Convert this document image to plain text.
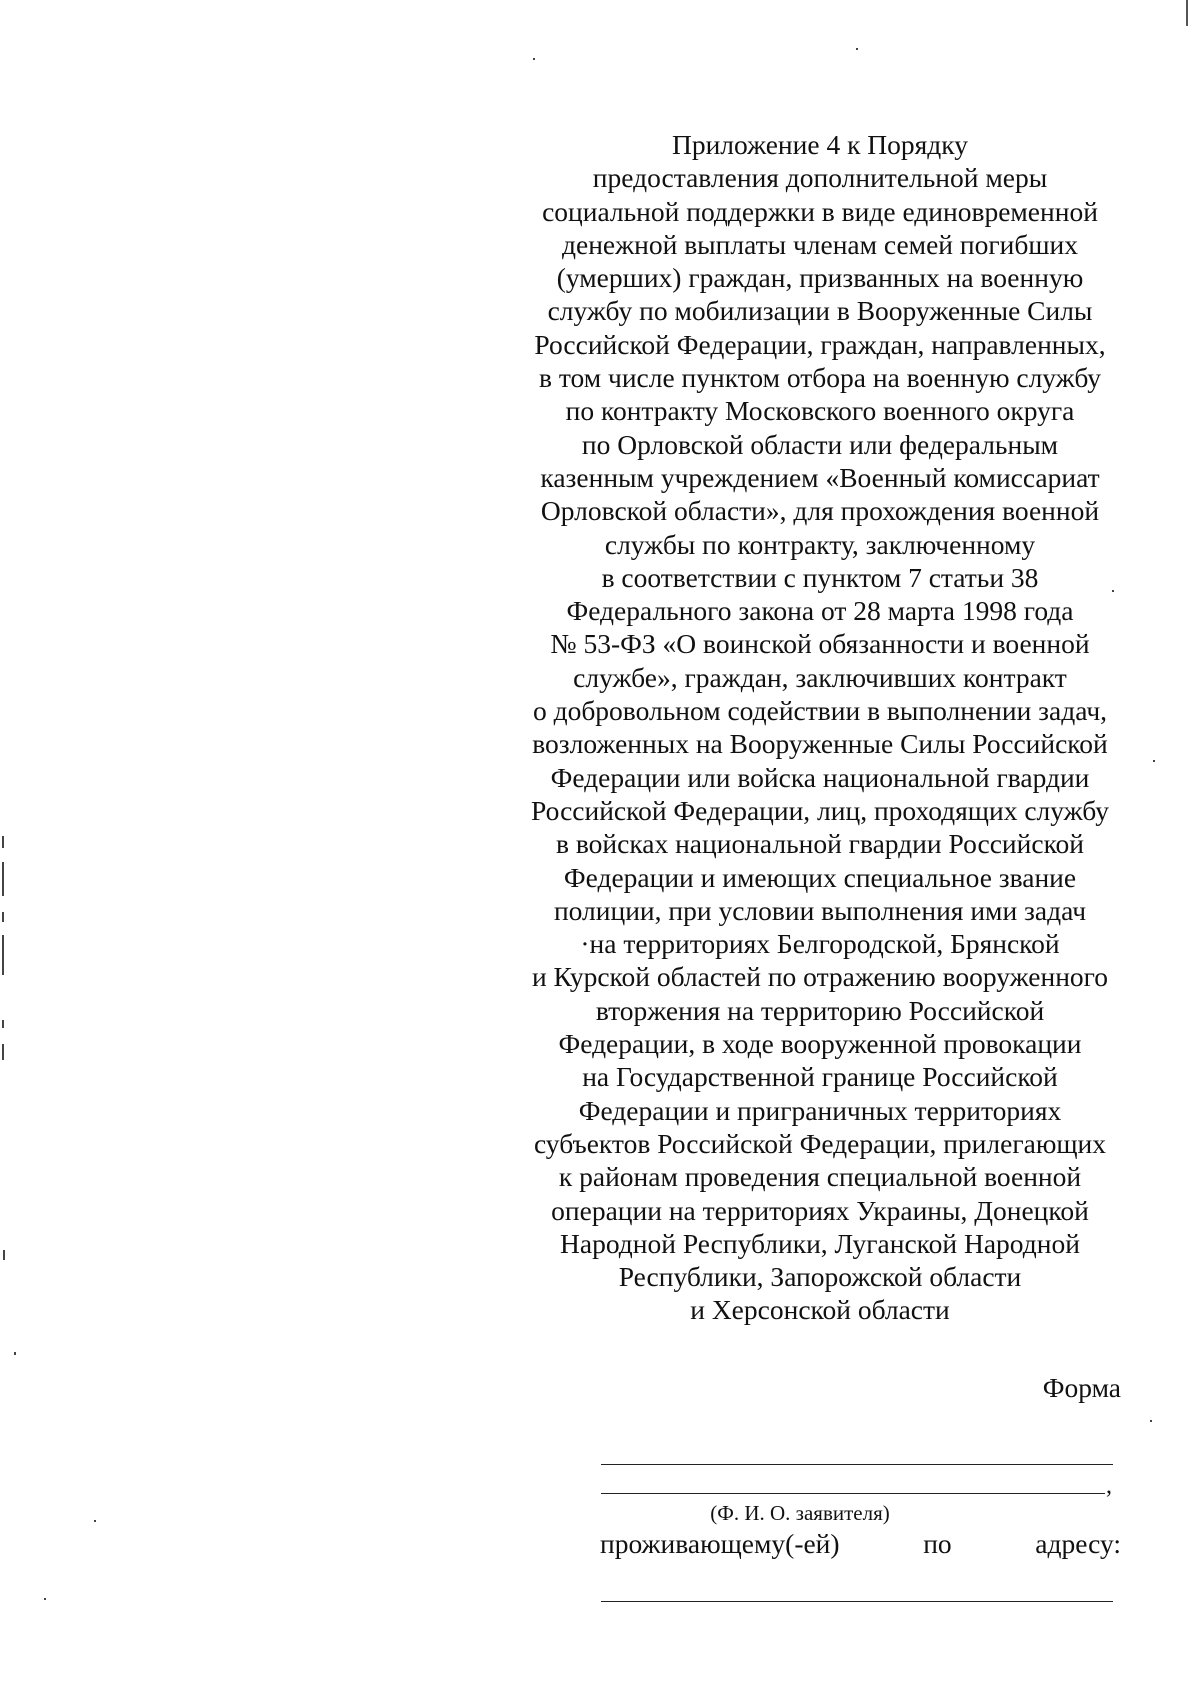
Приложение 4 к Порядку
предоставления дополнительной меры
социальной поддержки в виде единовременной
денежной выплаты членам семей погибших
(умерших) граждан, призванных на военную
службу по мобилизации в Вооруженные Силы
Российской Федерации, граждан, направленных,
в том числе пунктом отбора на военную службу
по контракту Московского военного округа
по Орловской области или федеральным
казенным учреждением «Военный комиссариат
Орловской области», для прохождения военной
службы по контракту, заключенному
в соответствии с пунктом 7 статьи 38
Федерального закона от 28 марта 1998 года
№ 53-ФЗ «О воинской обязанности и военной
службе», граждан, заключивших контракт
о добровольном содействии в выполнении задач,
возложенных на Вооруженные Силы Российской
Федерации или войска национальной гвардии
Российской Федерации, лиц, проходящих службу
в войсках национальной гвардии Российской
Федерации и имеющих специальное звание
полиции, при условии выполнения ими задач
·на территориях Белгородской, Брянской
и Курской областей по отражению вооруженного
вторжения на территорию Российской
Федерации, в ходе вооруженной провокации
на Государственной границе Российской
Федерации и приграничных территориях
субъектов Российской Федерации, прилегающих
к районам проведения специальной военной
операции на территориях Украины, Донецкой
Народной Республики, Луганской Народной
Республики, Запорожской области
и Херсонской области
Форма
,
(Ф. И. О. заявителя)
проживающему(-ей)	по	адресу:
